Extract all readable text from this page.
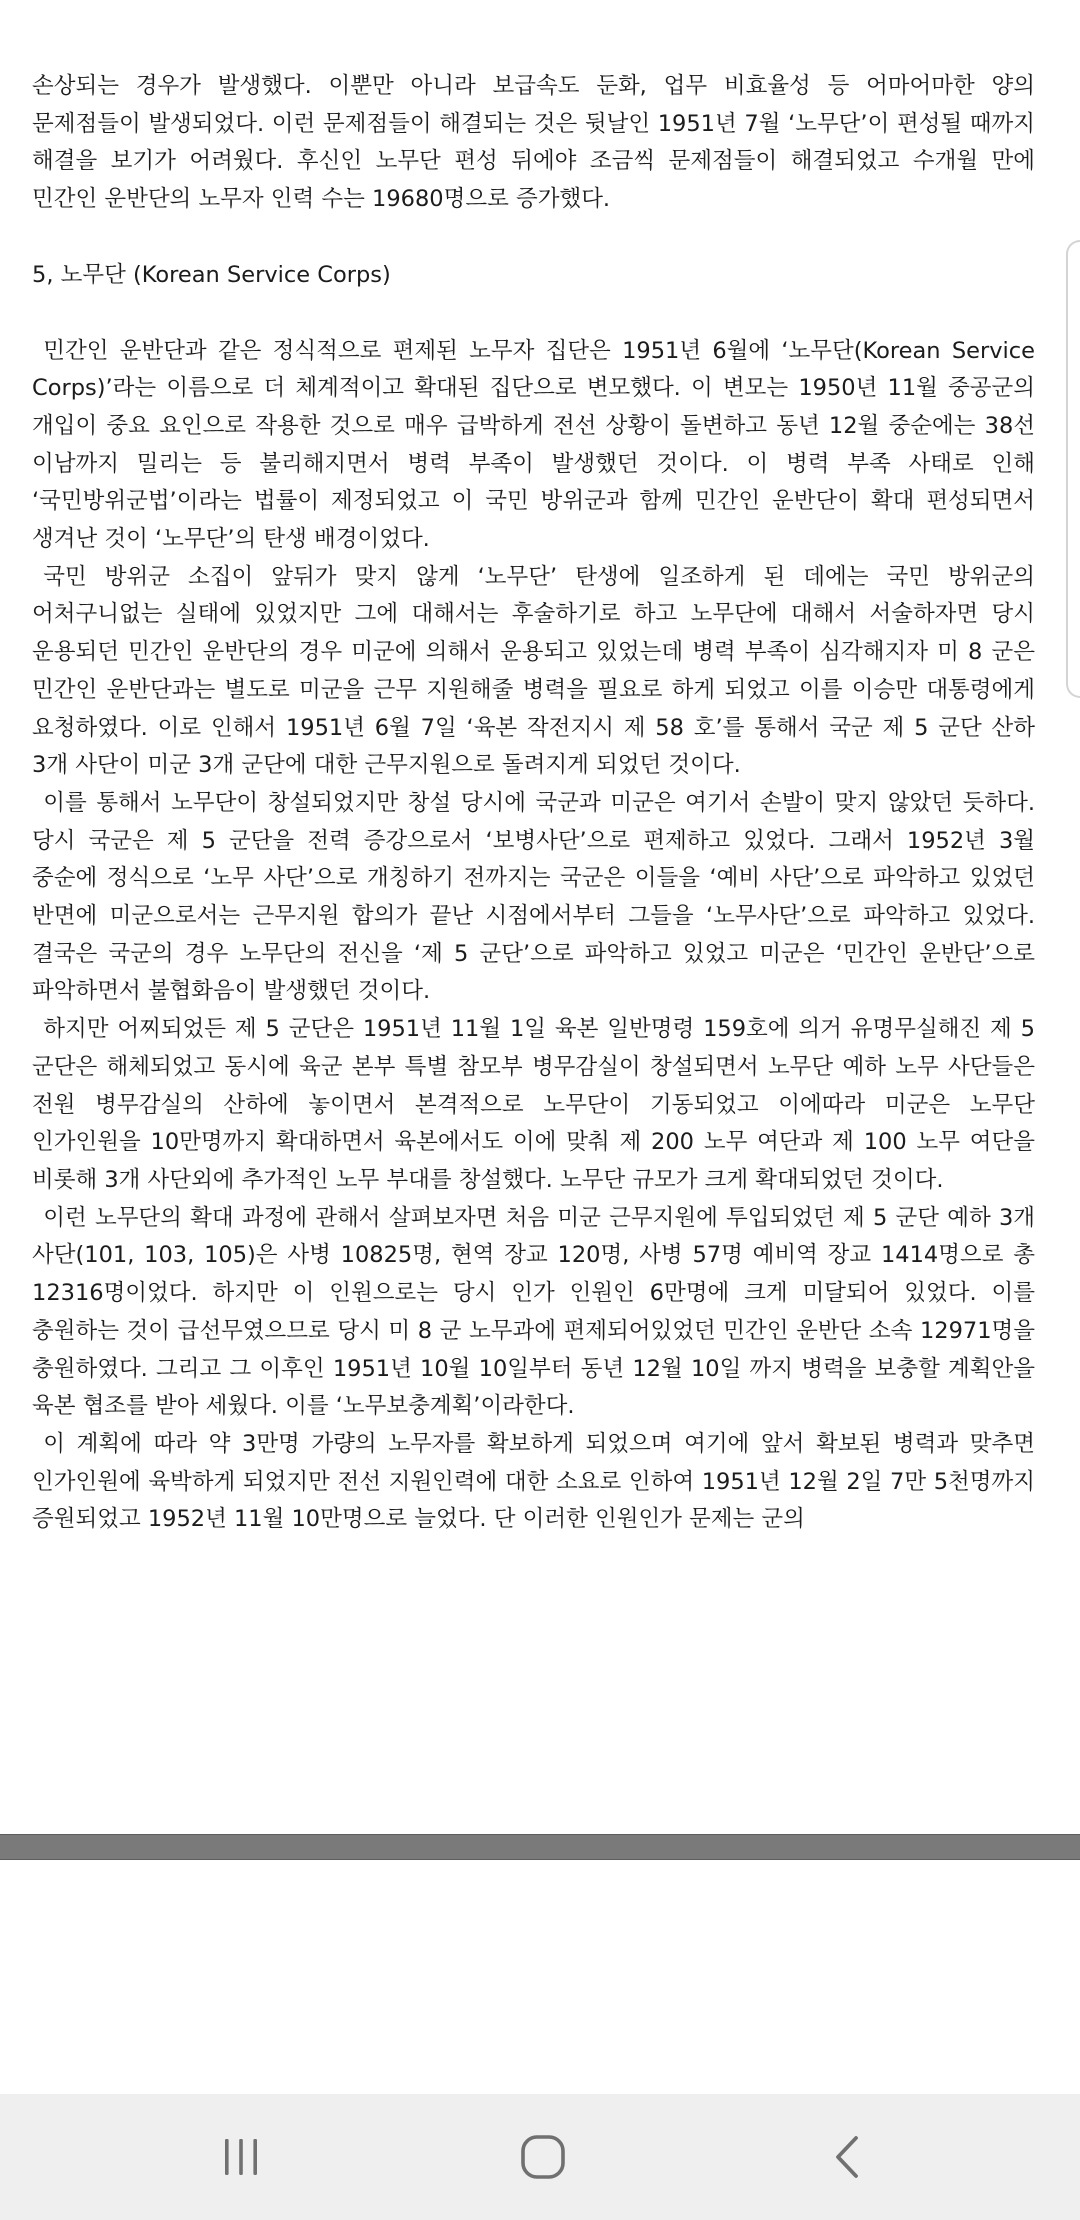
손상되는 경우가 발생했다. 이뿐만 아니라 보급속도 둔화, 업무 비효율성 등 어마어마한 양의 문제점들이 발생되었다. 이런 문제점들이 해결되는 것은 뒷날인 1951년 7월 ‘노무단’이 편성될 때까지 해결을 보기가 어려웠다. 후신인 노무단 편성 뒤에야 조금씩 문제점들이 해결되었고 수개월 만에 민간인 운반단의 노무자 인력 수는 19680명으로 증가했다.

5, 노무단 (Korean Service Corps)

민간인 운반단과 같은 정식적으로 편제된 노무자 집단은 1951년 6월에 ‘노무단(Korean Service Corps)’라는 이름으로 더 체계적이고 확대된 집단으로 변모했다. 이 변모는 1950년 11월 중공군의 개입이 중요 요인으로 작용한 것으로 매우 급박하게 전선 상황이 돌변하고 동년 12월 중순에는 38선 이남까지 밀리는 등 불리해지면서 병력 부족이 발생했던 것이다. 이 병력 부족 사태로 인해 ‘국민방위군법’이라는 법률이 제정되었고 이 국민 방위군과 함께 민간인 운반단이 확대 편성되면서 생겨난 것이 ‘노무단’의 탄생 배경이었다.

국민 방위군 소집이 앞뒤가 맞지 않게 ‘노무단’ 탄생에 일조하게 된 데에는 국민 방위군의 어처구니없는 실태에 있었지만 그에 대해서는 후술하기로 하고 노무단에 대해서 서술하자면 당시 운용되던 민간인 운반단의 경우 미군에 의해서 운용되고 있었는데 병력 부족이 심각해지자 미 8 군은 민간인 운반단과는 별도로 미군을 근무 지원해줄 병력을 필요로 하게 되었고 이를 이승만 대통령에게 요청하였다. 이로 인해서 1951년 6월 7일 ‘육본 작전지시 제 58 호’를 통해서 국군 제 5 군단 산하 3개 사단이 미군 3개 군단에 대한 근무지원으로 돌려지게 되었던 것이다.

이를 통해서 노무단이 창설되었지만 창설 당시에 국군과 미군은 여기서 손발이 맞지 않았던 듯하다. 당시 국군은 제 5 군단을 전력 증강으로서 ‘보병사단’으로 편제하고 있었다. 그래서 1952년 3월 중순에 정식으로 ‘노무 사단’으로 개칭하기 전까지는 국군은 이들을 ‘예비 사단’으로 파악하고 있었던 반면에 미군으로서는 근무지원 합의가 끝난 시점에서부터 그들을 ‘노무사단’으로 파악하고 있었다. 결국은 국군의 경우 노무단의 전신을 ‘제 5 군단’으로 파악하고 있었고 미군은 ‘민간인 운반단’으로 파악하면서 불협화음이 발생했던 것이다.

하지만 어찌되었든 제 5 군단은 1951년 11월 1일 육본 일반명령 159호에 의거 유명무실해진 제 5 군단은 해체되었고 동시에 육군 본부 특별 참모부 병무감실이 창설되면서 노무단 예하 노무 사단들은 전원 병무감실의 산하에 놓이면서 본격적으로 노무단이 기동되었고 이에따라 미군은 노무단 인가인원을 10만명까지 확대하면서 육본에서도 이에 맞춰 제 200 노무 여단과 제 100 노무 여단을 비롯해 3개 사단외에 추가적인 노무 부대를 창설했다. 노무단 규모가 크게 확대되었던 것이다.

이런 노무단의 확대 과정에 관해서 살펴보자면 처음 미군 근무지원에 투입되었던 제 5 군단 예하 3개 사단(101, 103, 105)은 사병 10825명, 현역 장교 120명, 사병 57명 예비역 장교 1414명으로 총 12316명이었다. 하지만 이 인원으로는 당시 인가 인원인 6만명에 크게 미달되어 있었다. 이를 충원하는 것이 급선무였으므로 당시 미 8 군 노무과에 편제되어있었던 민간인 운반단 소속 12971명을 충원하였다. 그리고 그 이후인 1951년 10월 10일부터 동년 12월 10일 까지 병력을 보충할 계획안을 육본 협조를 받아 세웠다. 이를 ‘노무보충계획’이라한다.

이 계획에 따라 약 3만명 가량의 노무자를 확보하게 되었으며 여기에 앞서 확보된 병력과 맞추면 인가인원에 육박하게 되었지만 전선 지원인력에 대한 소요로 인하여 1951년 12월 2일 7만 5천명까지 증원되었고 1952년 11월 10만명으로 늘었다. 단 이러한 인원인가 문제는 군의
